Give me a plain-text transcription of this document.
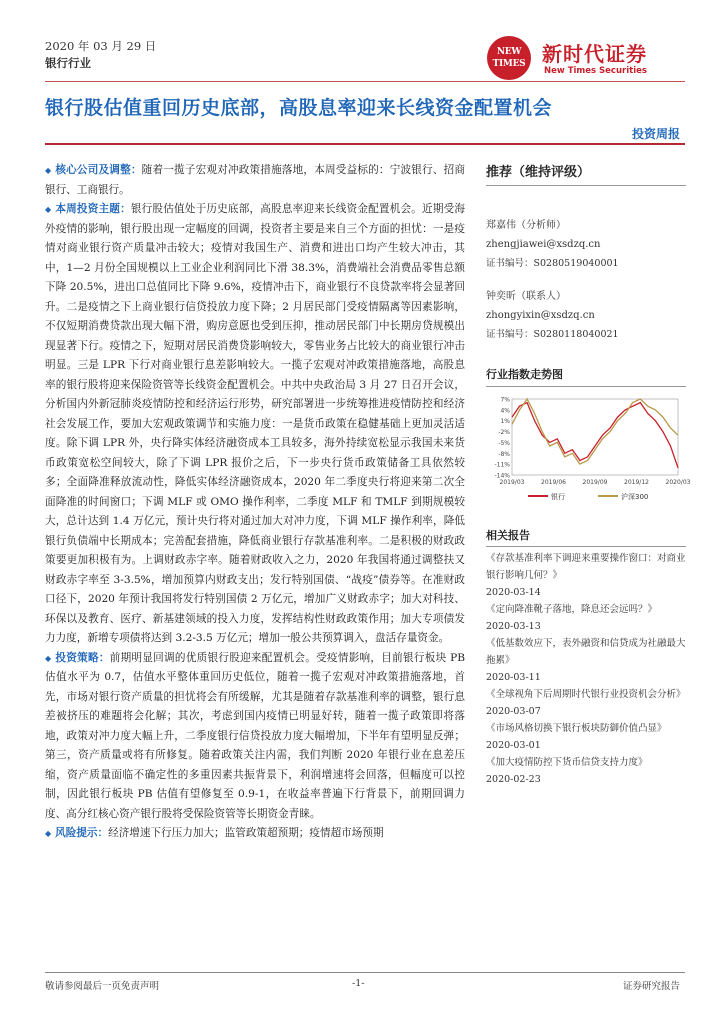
2020 年 03 月 29 日
银行行业
NEW TIMES 新时代证券
New Times Securities
银行股估值重回历史底部，高股息率迎来长线资金配置机会
投资周报

◆ 核心公司及调整：随着一揽子宏观对冲政策措施落地，本周受益标的：宁波银行、招商银行、工商银行。

◆ 本周投资主题：银行股估值处于历史底部，高股息率迎来长线资金配置机会。近期受海外疫情的影响，银行股出现一定幅度的回调，投资者主要是来自三个方面的担忧：一是疫情对商业银行资产质量冲击较大；疫情对我国生产、消费和进出口均产生较大冲击，其中，1—2 月份全国规模以上工业企业利润同比下滑 38.3%，消费端社会消费品零售总额下降 20.5%，进出口总值同比下降 9.6%，疫情冲击下，商业银行不良贷款率将会显著回升。二是疫情之下上商业银行信贷投放力度下降；2 月居民部门受疫情隔离等因素影响，不仅短期消费贷款出现大幅下滑，购房意愿也受到压抑，推动居民部门中长期房贷规模出现显著下行。疫情之下，短期对居民消费贷影响较大，零售业务占比较大的商业银行冲击明显。三是 LPR 下行对商业银行息差影响较大。一揽子宏观对冲政策措施落地，高股息率的银行股将迎来保险资管等长线资金配置机会。中共中央政治局 3 月 27 日召开会议，分析国内外新冠肺炎疫情防控和经济运行形势，研究部署进一步统筹推进疫情防控和经济社会发展工作，要加大宏观政策调节和实施力度：一是货币政策在稳健基础上更加灵活适度。除下调 LPR 外，央行降实体经济融资成本工具较多，海外持续宽松显示我国未来货币政策宽松空间较大，除了下调 LPR 报价之后，下一步央行货币政策储备工具依然较多；全面降准释放流动性，降低实体经济融资成本，2020 年二季度央行将迎来第二次全面降准的时间窗口；下调 MLF 或 OMO 操作利率，二季度 MLF 和 TMLF 到期规模较大，总计达到 1.4 万亿元，预计央行将对通过加大对冲力度，下调 MLF 操作利率，降低银行负债端中长期成本；完善配套措施，降低商业银行存款基准利率。二是积极的财政政策要更加积极有为。上调财政赤字率。随着财政收入之力，2020 年我国将通过调整扶又财政赤字率至 3-3.5%，增加预算内财政支出；发行特别国债、“战疫”债券等。在准财政口径下，2020 年预计我国将发行特别国债 2 万亿元，增加广义财政赤字；加大对科技、环保以及教育、医疗、新基建领域的投入力度，发挥结构性财政政策作用；加大专项债发力力度，新增专项债将达到 3.2-3.5 万亿元；增加一般公共预算调入，盘活存量资金。

◆ 投资策略：前期明显回调的优质银行股迎来配置机会。受疫情影响，目前银行板块 PB 估值水平为 0.7，估值水平整体重回历史低位，随着一揽子宏观对冲政策措施落地，首先，市场对银行资产质量的担忧将会有所缓解，尤其是随着存款基准利率的调整，银行息差被挤压的难题将会化解；其次，考虑到国内疫情已明显好转，随着一揽子政策即将落地，政策对冲力度大幅上升，二季度银行信贷投放力度大幅增加，下半年有望明显反弹；第三，资产质量或将有所修复。随着政策关注内需，我们判断 2020 年银行业在息差压缩，资产质量面临不确定性的多重因素共振背景下，利润增速将会回落，但幅度可以控制，因此银行板块 PB 估值有望修复至 0.9-1，在收益率普遍下行背景下，前期回调力度、高分红核心资产银行股将受保险资管等长期资金青睐。

◆ 风险提示：经济增速下行压力加大；监管政策超预期；疫情超市场预期

推荐（维持评级）
郑嘉伟（分析师）
zhengjiawei@xsdzq.cn
证书编号：S0280519040001
钟奕昕（联系人）
zhongyixin@xsdzq.cn
证书编号：S0280118040021
行业指数走势图
7%
4%
1%
-2%
-5%
-8%
-11%
-14%
2019/03	2019/06	2019/09	2019/12	2020/03
银行	沪深300
相关报告
《存款基准利率下调迎来重要操作窗口：对商业银行影响几何？》
2020-03-14
《定向降准靴子落地，降息还会远吗？》
2020-03-13
《低基数效应下，表外融资和信贷成为社融最大拖累》
2020-03-11
《全球视角下后周期时代银行业投资机会分析》
2020-03-07
《市场风格切换下银行板块防御价值凸显》
2020-03-01
《加大疫情防控下货币信贷支持力度》
2020-02-23
敬请参阅最后一页免责声明	-1-	证券研究报告
